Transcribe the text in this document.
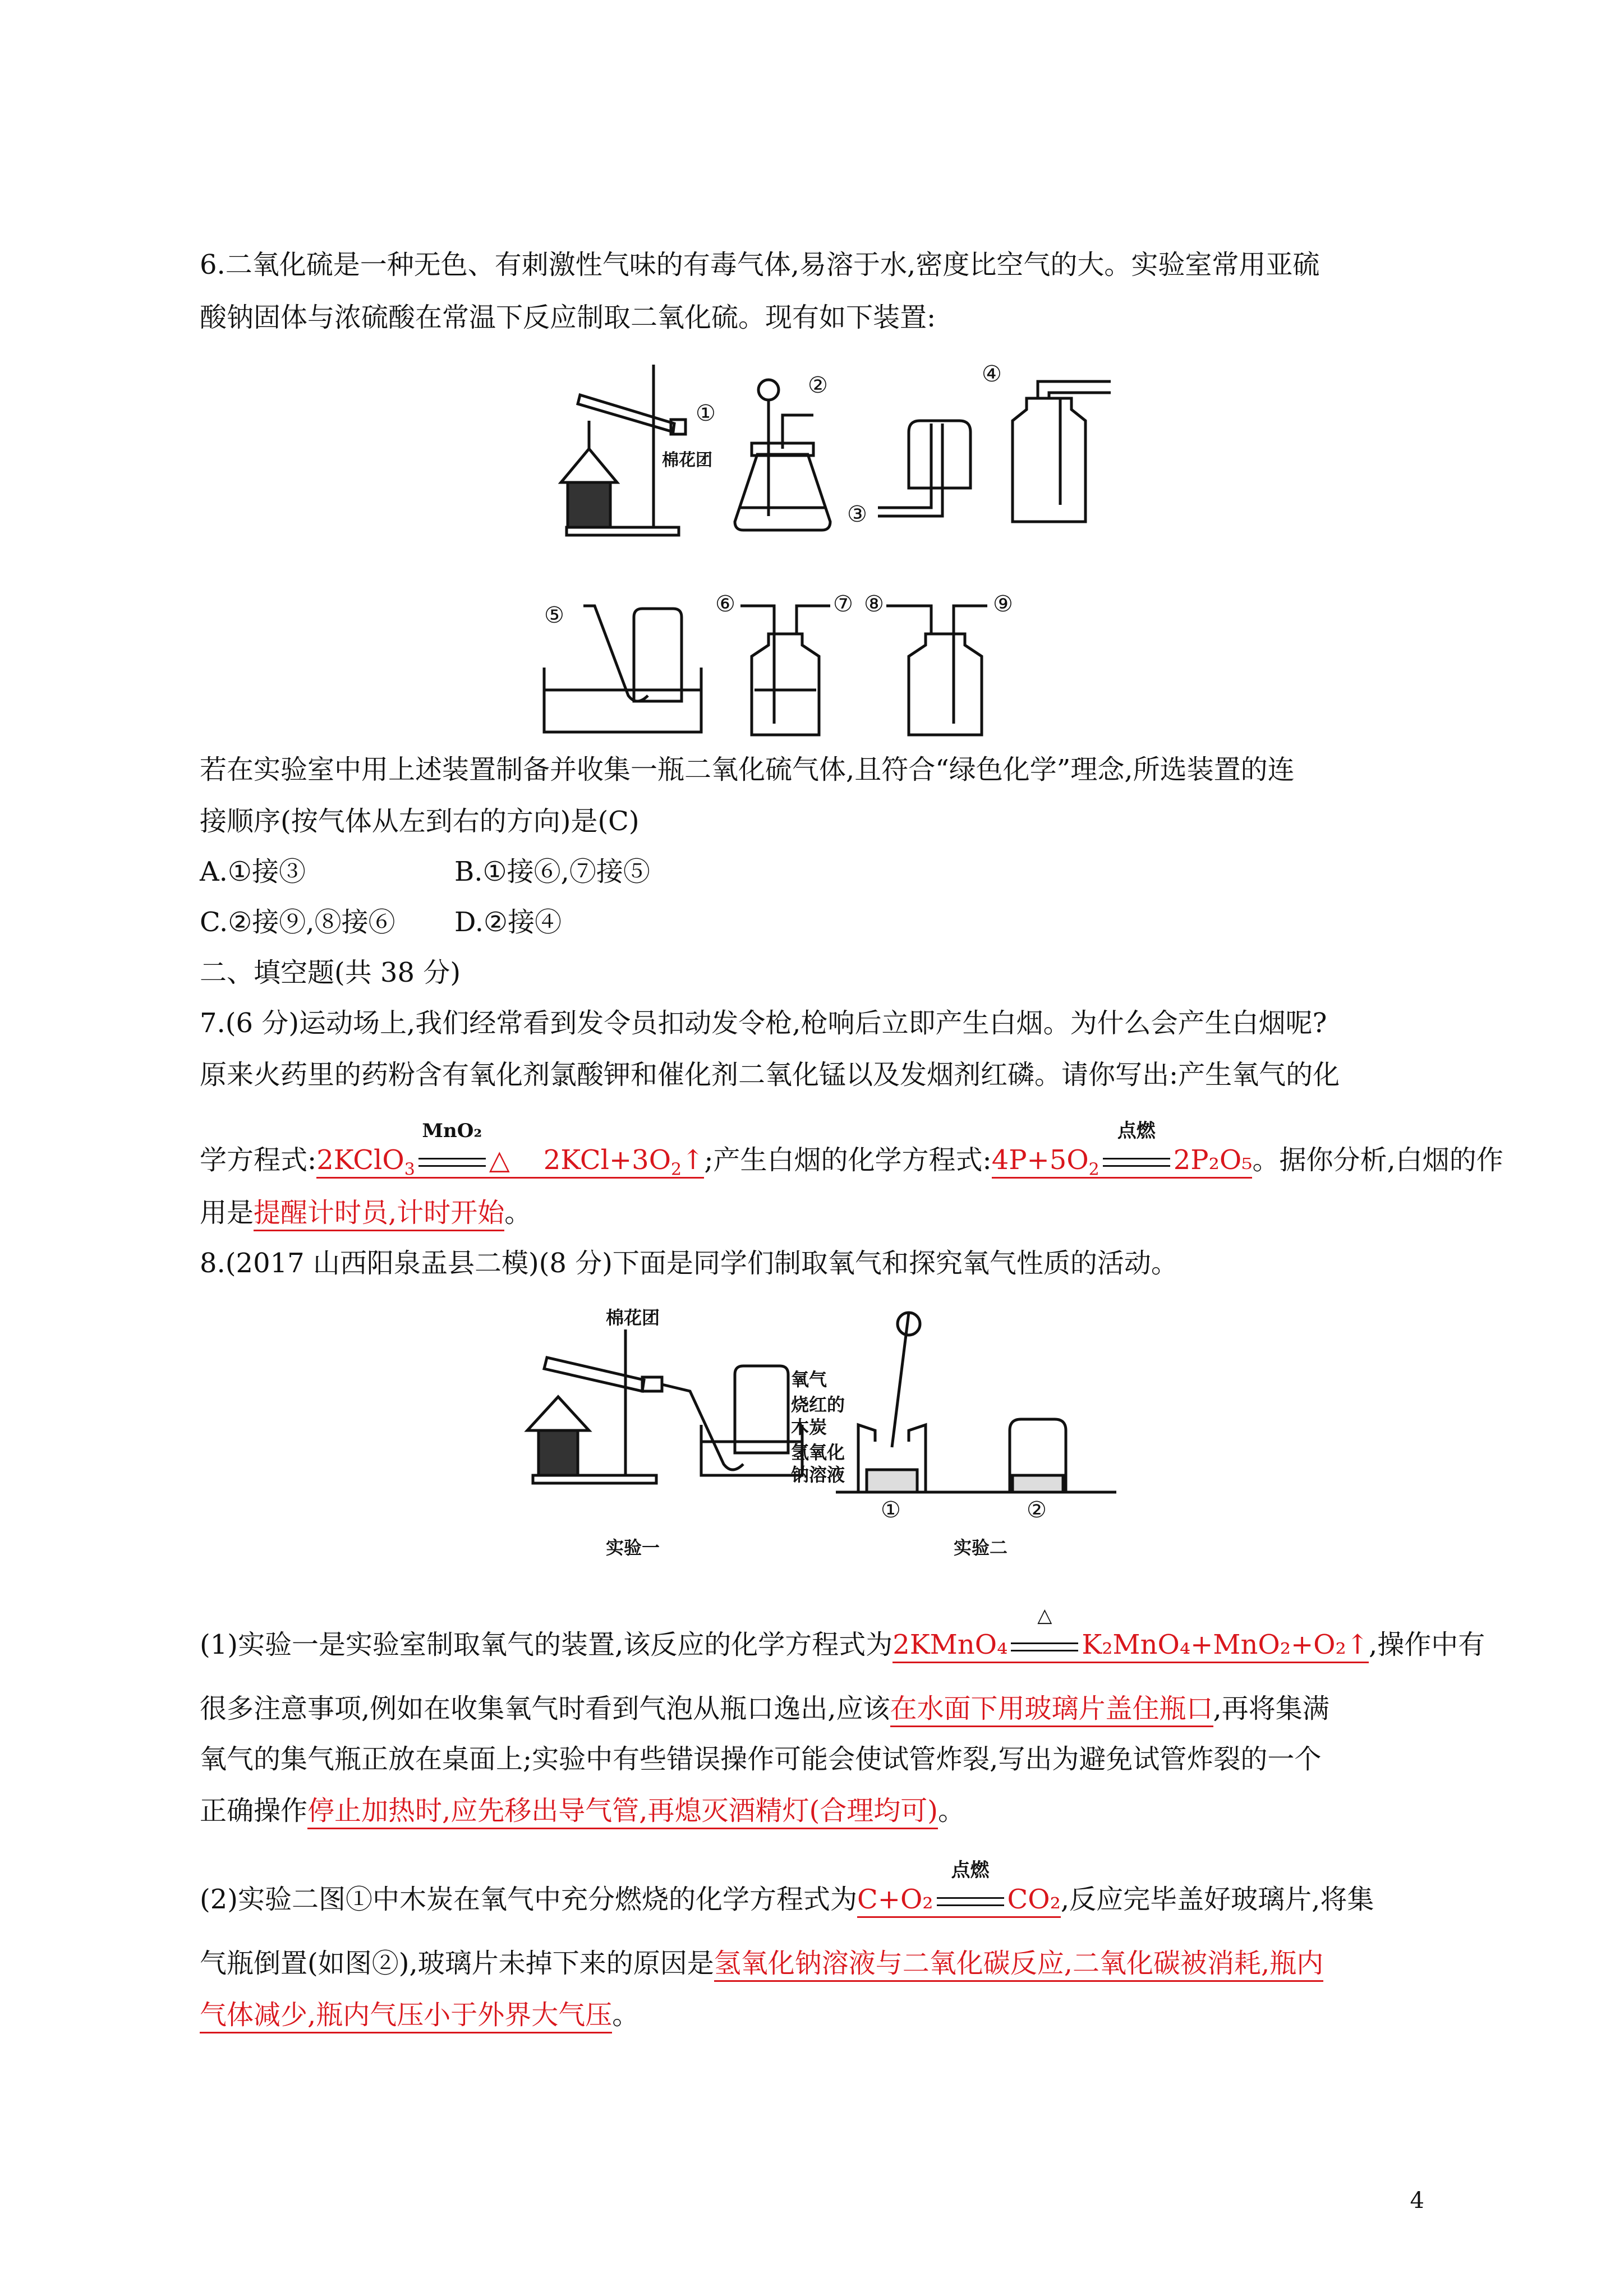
6.二氧化硫是一种无色、有刺激性气味的有毒气体,易溶于水,密度比空气的大。实验室常用亚硫
酸钠固体与浓硫酸在常温下反应制取二氧化硫。现有如下装置:
①
②
③
④
棉花团
⑤	⑥	⑦ ⑧	⑨
若在实验室中用上述装置制备并收集一瓶二氧化硫气体,且符合“绿色化学”理念,所选装置的连
接顺序(按气体从左到右的方向)是(C)
A.①接③	B.①接⑥,⑦接⑤
C.②接⑨,⑧接⑥ D.②接④
二、填空题(共 38 分)
7.(6 分)运动场上,我们经常看到发令员扣动发令枪,枪响后立即产生白烟。为什么会产生白烟呢?
原来火药里的药粉含有氧化剂氯酸钾和催化剂二氧化锰以及发烟剂红磷。请你写出:产生氧气的化
学方程式:2KClO$_3$
MnO₂
△ $2KCl+3O_2↑$;产生白烟的化学方程式$:4P+5O_2$
点燃
2P₂O₅。据你分析,白烟的作
用是提醒计时员,计时开始。
8.(2017 山西阳泉盂县二模)(8 分)下面是同学们制取氧气和探究氧气性质的活动。
棉花团
氧气
烧红的
木炭
氢氧化
钠溶液
实验一	实验二
①	②
(1)实验一是实验室制取氧气的装置,该反应的化学方程式为2KMnO₄
△
K₂MnO₄+MnO₂+O₂↑,操作中有
很多注意事项,例如在收集氧气时看到气泡从瓶口逸出,应该在水面下用玻璃片盖住瓶口,再将集满
氧气的集气瓶正放在桌面上;实验中有些错误操作可能会使试管炸裂,写出为避免试管炸裂的一个
正确操作停止加热时,应先移出导气管,再熄灭酒精灯(合理均可)。
(2)实验二图①中木炭在氧气中充分燃烧的化学方程式为C+O₂
点燃
CO₂,反应完毕盖好玻璃片,将集
气瓶倒置(如图②),玻璃片未掉下来的原因是氢氧化钠溶液与二氧化碳反应,二氧化碳被消耗,瓶内
气体减少,瓶内气压小于外界大气压。
4
